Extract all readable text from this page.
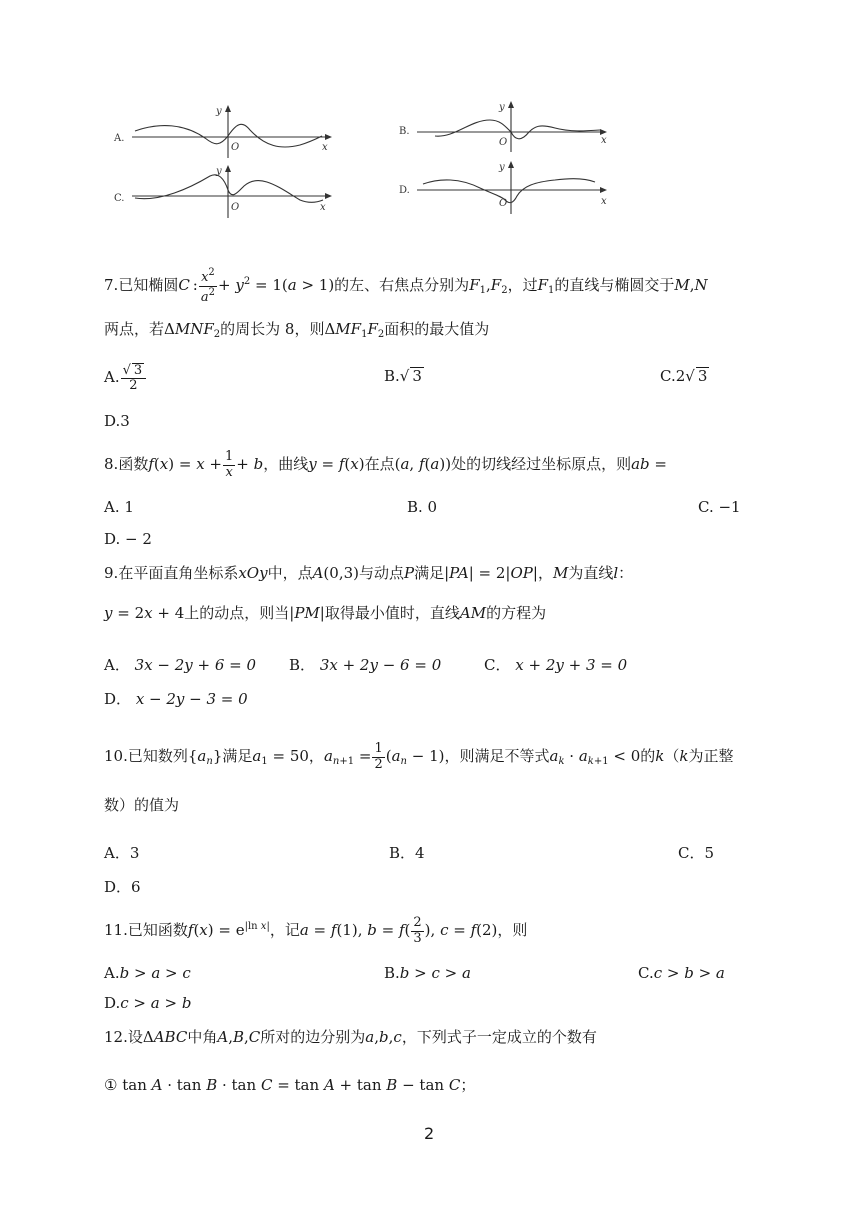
A.
y
O	x
B.
y
O	x
C.
y
O	x
D.
y
O	x
7.已知椭圆C : $\frac{x^2}{a^2} + y^2 = 1(a > 1)$的左、右焦点分别为$F_1,F_2$，过$F_1$的直线与椭圆交于M,N
两点，若$\Delta MNF_2$的周长为 8，则$\Delta MF_1F_2$面积的最大值为
A. $\frac{√ 3}{2}$	B.√ 3	C.2√ 3
D.3
8.函数$f(x) = x + \frac{1}{x} + b$，曲线y = f(x)在点(a, f(a))处的切线经过坐标原点，则ab =
A. 1	B. 0	C. −1
D. − 2
9.在平面直角坐标系xOy中，点A(0,3)与动点P满足|PA| = 2|OP|，M为直线l：
y = 2x + 4上的动点，则当|PM|取得最小值时，直线AM的方程为
A． 3x − 2y + 6 = 0 B． 3x + 2y − 6 = 0	C． x + 2y + 3 = 0
D． x − 2y − 3 = 0
10.已知数列$\{a_n\}$满足$a_1 = 50$，$a_{n+1} = \frac{1}{2} (a_n - 1)$，则满足不等式$a_k \cdot a_{k+1} < 0$的k（k为正整
数）的值为
A．3	B．4	C．5
D．6
11.已知函数$f(x) = e^{|ln x|}$，记a = f(1), $b = f( \frac{2}{3}$ ), c = f(2)，则
A.b > a > c	B.b > c > a	C.c > b > a
D.c > a > b
12.设ΔABC中角A,B,C所对的边分别为a,b,c，下列式子一定成立的个数有
① tan A · tan B · tan C = tan A + tan B − tan C；
2
